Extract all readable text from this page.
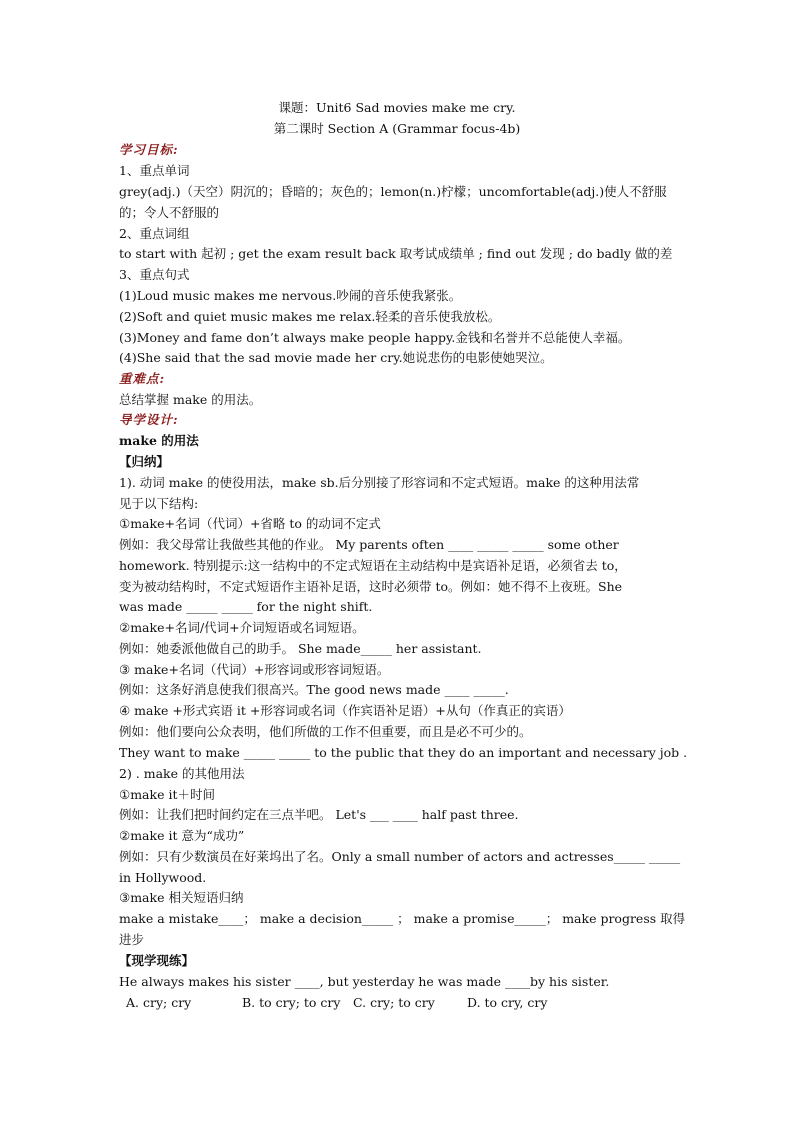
课题：Unit6 Sad movies make me cry.
第二课时 Section A (Grammar focus-4b)
学习目标:
1、重点单词
grey(adj.)（天空）阴沉的；昏暗的；灰色的；lemon(n.)柠檬；uncomfortable(adj.)使人不舒服
的；令人不舒服的
2、重点词组
to start with 起初 ; get the exam result back 取考试成绩单 ; find out 发现 ; do badly 做的差
3、重点句式
(1)Loud music makes me nervous.吵闹的音乐使我紧张。
(2)Soft and quiet music makes me relax.轻柔的音乐使我放松。
(3)Money and fame don’t always make people happy.金钱和名誉并不总能使人幸福。
(4)She said that the sad movie made her cry.她说悲伤的电影使她哭泣。
重难点:
总结掌握 make 的用法。
导学设计:
make 的用法
【归纳】
1). 动词 make 的使役用法，make sb.后分别接了形容词和不定式短语。make 的这种用法常
见于以下结构:
①make+名词（代词）+省略 to 的动词不定式
例如：我父母常让我做些其他的作业。 My parents often ____ _____ _____ some other
homework. 特别提示:这一结构中的不定式短语在主动结构中是宾语补足语，必须省去 to，
变为被动结构时，不定式短语作主语补足语，这时必须带 to。例如：她不得不上夜班。She
was made _____ _____ for the night shift.
②make+名词/代词+介词短语或名词短语。
例如：她委派他做自己的助手。 She made_____ her assistant.
③ make+名词（代词）+形容词或形容词短语。
例如：这条好消息使我们很高兴。The good news made ____ _____.
④ make +形式宾语 it +形容词或名词（作宾语补足语）+从句（作真正的宾语）
例如：他们要向公众表明，他们所做的工作不但重要，而且是必不可少的。
They want to make _____ _____ to the public that they do an important and necessary job .
2) . make 的其他用法
①make it＋时间
例如：让我们把时间约定在三点半吧。 Let's ___ ____ half past three.
②make it 意为“成功”
例如：只有少数演员在好莱坞出了名。Only a small number of actors and actresses_____ _____
in Hollywood.
③make 相关短语归纳
make a mistake____； make a decision_____ ； make a promise_____； make progress 取得
进步
【现学现练】
He always makes his sister ____, but yesterday he was made ____by his sister.
A. cry; cry	B. to cry; to cry C. cry; to cry	D. to cry, cry
